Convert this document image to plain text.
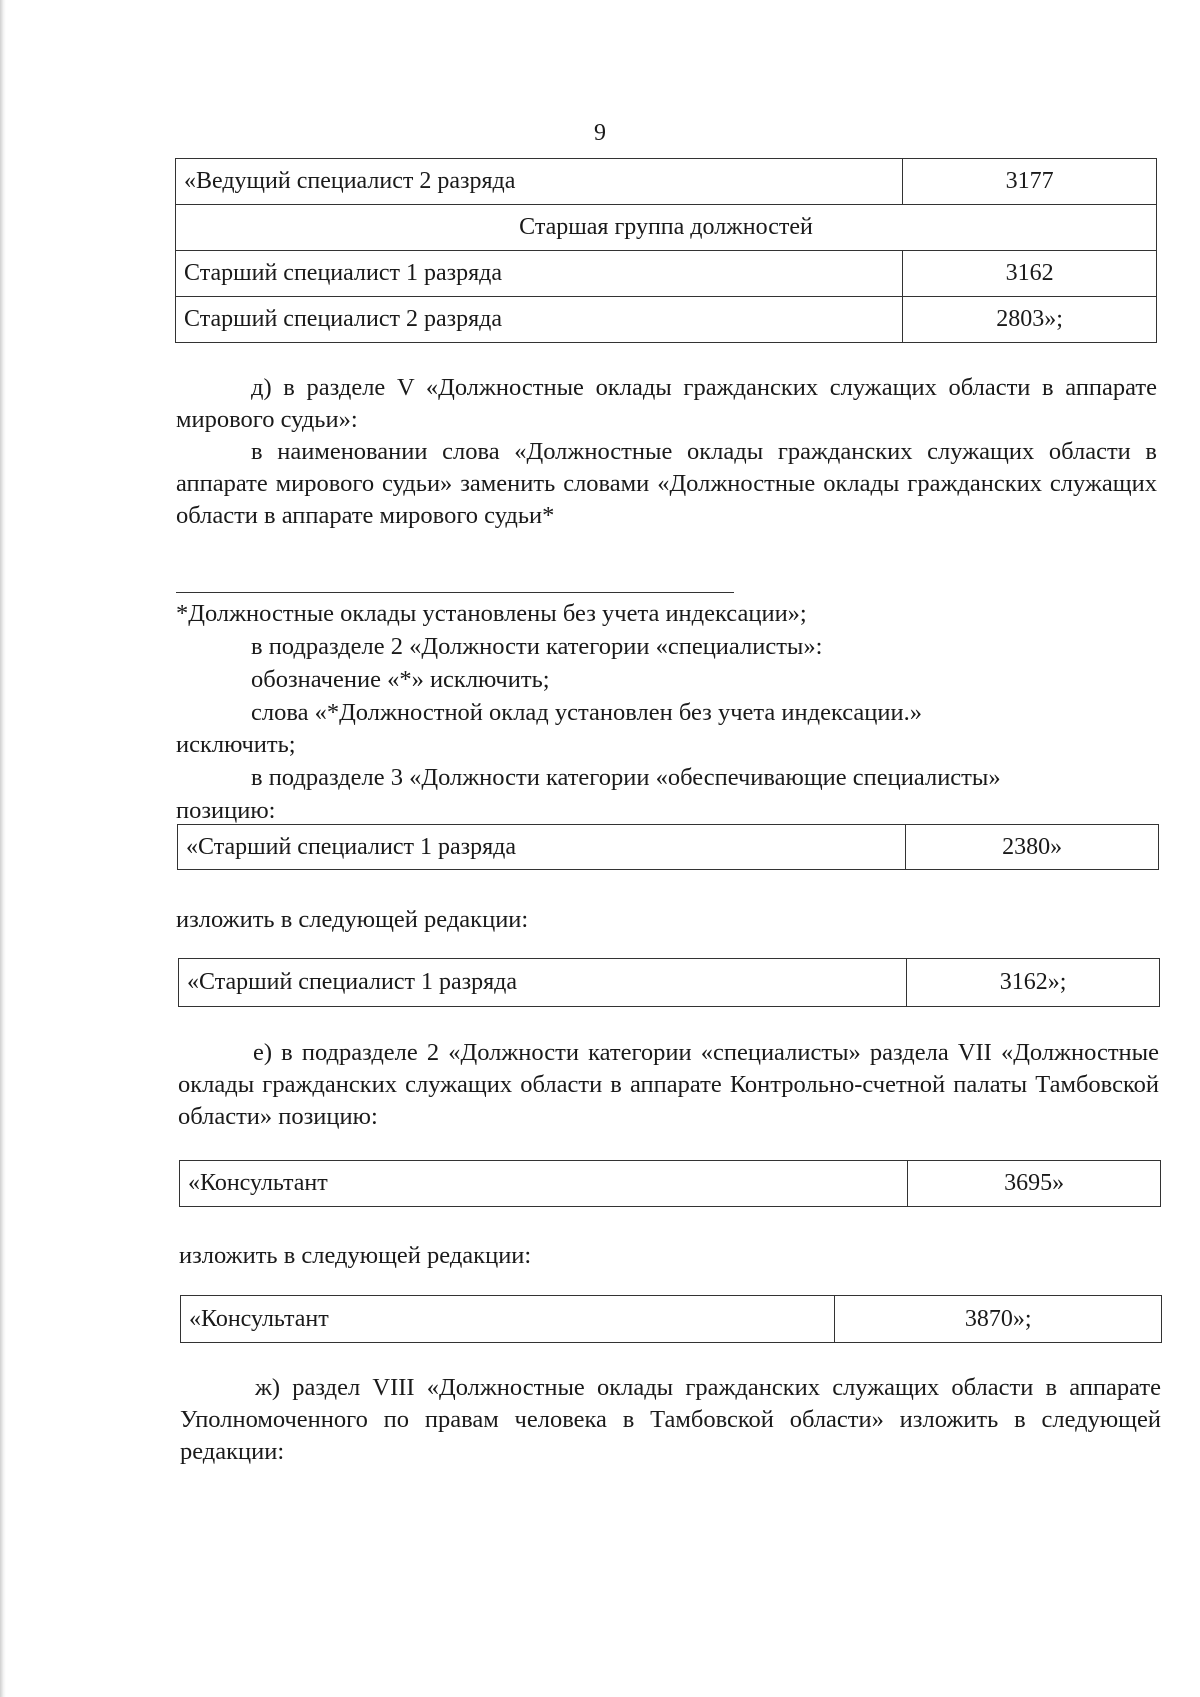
9
«Ведущий специалист 2 разряда	3177
Старшая группа должностей	
Старший специалист 1 разряда	3162
Старший специалист 2 разряда	2803»;
д) в разделе V «Должностные оклады гражданских служащих области в аппарате мирового судьи»:
в наименовании слова «Должностные оклады гражданских служащих области в аппарате мирового судьи» заменить словами «Должностные оклады гражданских служащих области в аппарате мирового судьи*
*Должностные оклады установлены без учета индексации»;
в подразделе 2 «Должности категории «специалисты»:
обозначение «*» исключить;
слова «*Должностной оклад установлен без учета индексации.»
исключить;
в подразделе 3 «Должности категории «обеспечивающие специалисты»
позицию:
«Старший специалист 1 разряда	2380»
изложить в следующей редакции:
«Старший специалист 1 разряда	3162»;
е) в подразделе 2 «Должности категории «специалисты» раздела VII «Должностные оклады гражданских служащих области в аппарате Контрольно-счетной палаты Тамбовской области» позицию:
«Консультант	3695»
изложить в следующей редакции:
«Консультант	3870»;
ж) раздел VIII «Должностные оклады гражданских служащих области в аппарате Уполномоченного по правам человека в Тамбовской области» изложить в следующей редакции:
